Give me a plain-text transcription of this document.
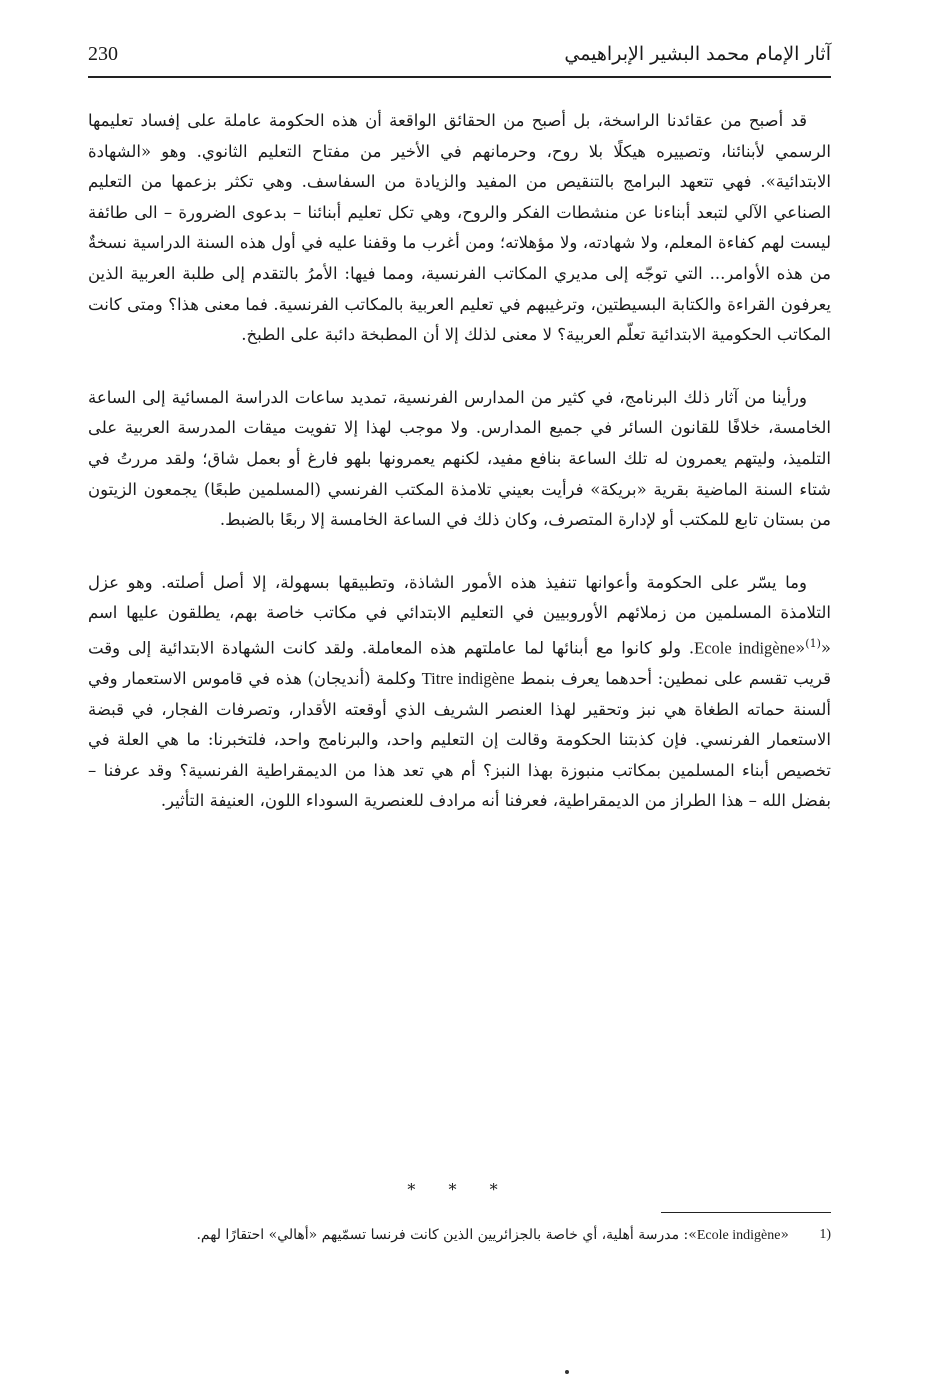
230	آثار الإمام محمد البشير الإبراهيمي

قد أصبح من عقائدنا الراسخة، بل أصبح من الحقائق الواقعة أن هذه الحكومة عاملة على إفساد تعليمها الرسمي لأبنائنا، وتصييره هيكلًا بلا روح، وحرمانهم في الأخير من مفتاح التعليم الثانوي. وهو «الشهادة الابتدائية». فهي تتعهد البرامج بالتنقيص من المفيد والزيادة من السفاسف. وهي تكثر بزعمها من التعليم الصناعي الآلي لتبعد أبناءنا عن منشطات الفكر والروح، وهي تكل تعليم أبنائنا – بدعوى الضرورة – الى طائفة ليست لهم كفاءة المعلم، ولا شهادته، ولا مؤهلاته؛ ومن أغرب ما وقفنا عليه في أول هذه السنة الدراسية نسخةٌ من هذه الأوامر... التي توجّه إلى مديري المكاتب الفرنسية، ومما فيها: الأمرُ بالتقدم إلى طلبة العربية الذين يعرفون القراءة والكتابة البسيطتين، وترغيبهم في تعليم العربية بالمكاتب الفرنسية. فما معنى هذا؟ ومتى كانت المكاتب الحكومية الابتدائية تعلّم العربية؟ لا معنى لذلك إلا أن المطبخة دائبة على الطبخ.

ورأينا من آثار ذلك البرنامج، في كثير من المدارس الفرنسية، تمديد ساعات الدراسة المسائية إلى الساعة الخامسة، خلافًا للقانون السائر في جميع المدارس. ولا موجب لهذا إلا تفويت ميقات المدرسة العربية على التلميذ، وليتهم يعمرون له تلك الساعة بنافع مفيد، لكنهم يعمرونها بلهو فارغ أو بعمل شاق؛ ولقد مررتُ في شتاء السنة الماضية بقرية «بريكة» فرأيت بعيني تلامذة المكتب الفرنسي (المسلمين طبعًا) يجمعون الزيتون من بستان تابع للمكتب أو لإدارة المتصرف، وكان ذلك في الساعة الخامسة إلا ربعًا بالضبط.

وما يسّر على الحكومة وأعوانها تنفيذ هذه الأمور الشاذة، وتطبيقها بسهولة، إلا أصل أصلته. وهو عزل التلامذة المسلمين من زملائهم الأوروبيين في التعليم الابتدائي في مكاتب خاصة بهم، يطلقون عليها اسم «Ecole indigène»$^{(1)}$. ولو كانوا مع أبنائها لما عاملتهم هذه المعاملة. ولقد كانت الشهادة الابتدائية إلى وقت قريب تقسم على نمطين: أحدهما يعرف بنمط Titre indigène وكلمة (أنديجان) هذه في قاموس الاستعمار وفي ألسنة حماته الطغاة هي نبز وتحقير لهذا العنصر الشريف الذي أوقعته الأقدار، وتصرفات الفجار، في قبضة الاستعمار الفرنسي. فإن كذبتنا الحكومة وقالت إن التعليم واحد، والبرنامج واحد، فلتخبرنا: ما هي العلة في تخصيص أبناء المسلمين بمكاتب منبوزة بهذا النبز؟ أم هي تعد هذا من الديمقراطية الفرنسية؟ وقد عرفنا – بفضل الله – هذا الطراز من الديمقراطية، فعرفنا أنه مرادف للعنصرية السوداء اللون، العنيفة التأثير.

* * *
1)
«Ecole indigène»: مدرسة أهلية، أي خاصة بالجزائريين الذين كانت فرنسا تسمّيهم «أهالي» احتقارًا لهم.
